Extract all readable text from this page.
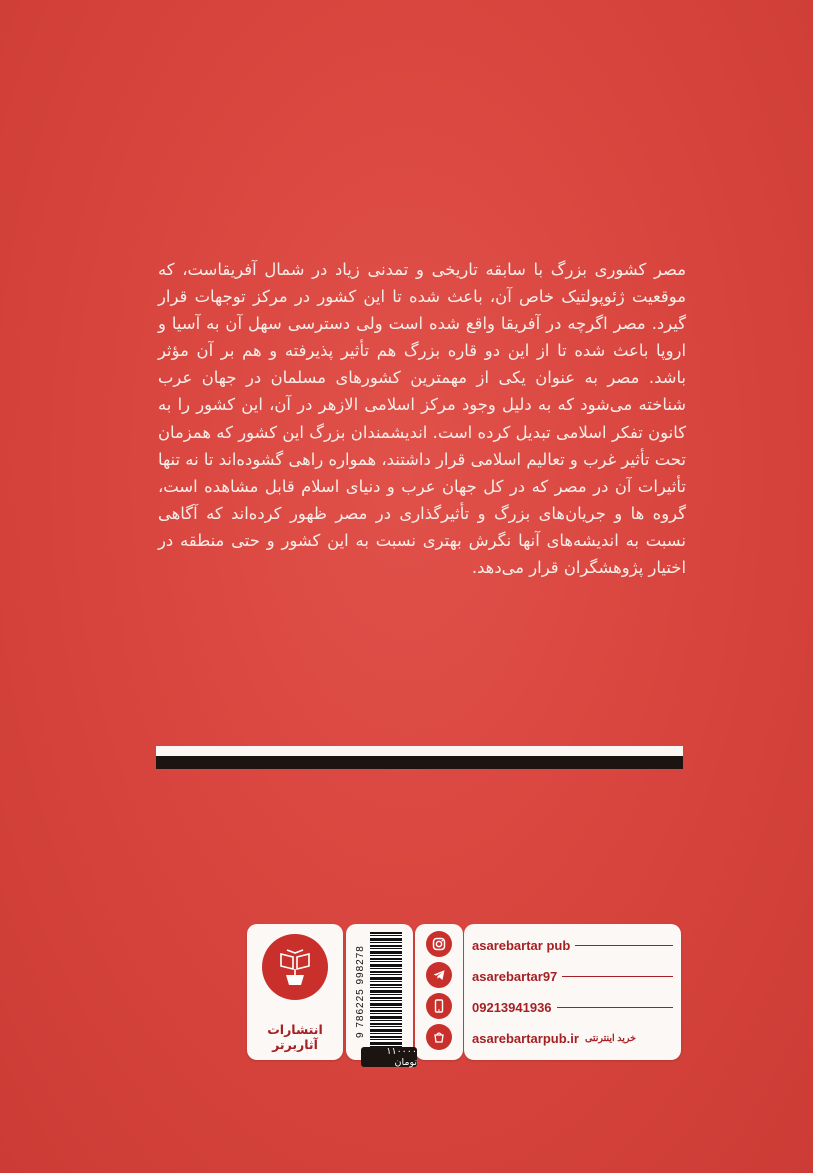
مصر کشوری بزرگ با سابقه تاریخی و تمدنی زیاد در شمال آفریقاست، که موقعیت ژئوپولتیک خاص آن، باعث شده تا این کشور در مرکز توجهات قرار گیرد. مصر اگرچه در آفریقا واقع شده است ولی دسترسی سهل آن به آسیا و اروپا باعث شده تا از این دو قاره بزرگ هم تأثیر پذیرفته و هم بر آن مؤثر باشد. مصر به عنوان یکی از مهمترین کشورهای مسلمان در جهان عرب شناخته می‌شود که به دلیل وجود مرکز اسلامی الازهر در آن، این کشور را به کانون تفکر اسلامی تبدیل کرده است. اندیشمندان بزرگ این کشور که همزمان تحت تأثیر غرب و تعالیم اسلامی قرار داشتند، همواره راهی گشوده‌اند تا نه تنها تأثیرات آن در مصر که در کل جهان عرب و دنیای اسلام قابل مشاهده است، گروه ها و جریان‌های بزرگ و تأثیرگذاری در مصر ظهور کرده‌اند که آگاهی نسبت به اندیشه‌های آنها نگرش بهتری نسبت به این کشور و حتی منطقه در اختیار پژوهشگران قرار می‌دهد.

asarebartar pub
asarebartar97
09213941936
asarebartarpub.ir خرید اینترنتی
9 786225 998278
۱۱۰۰۰۰ تومان
انتشارات آثاربرتر
